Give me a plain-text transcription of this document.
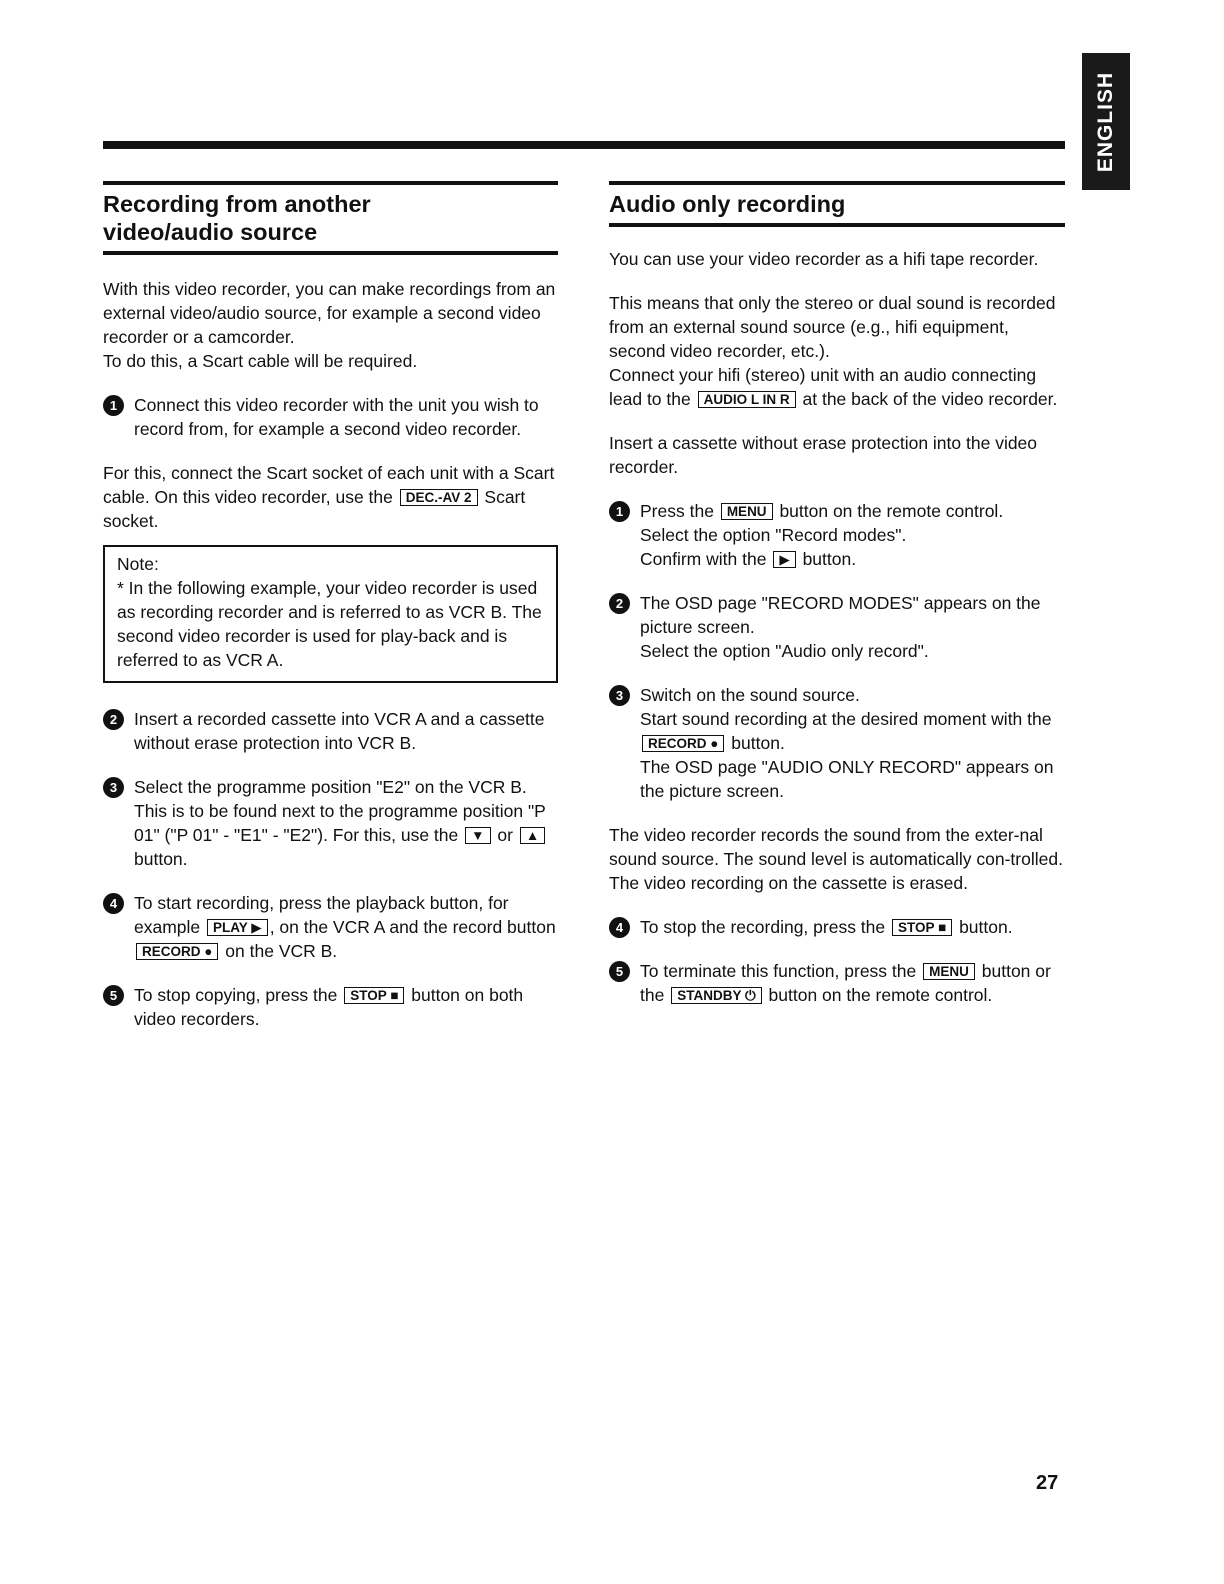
ENGLISH
Recording from another
video/audio source

With this video recorder, you can make recordings from an external video/audio source, for example a second video recorder or a camcorder.

To do this, a Scart cable will be required.

1 Connect this video recorder with the unit you wish to record from, for example a second video recorder.

For this, connect the Scart socket of each unit with a Scart cable. On this video recorder, use the DEC.-AV 2 Scart socket.

Note:

* In the following example, your video recorder is used as recording recorder and is referred to as VCR B. The second video recorder is used for play-back and is referred to as VCR A.

2 Insert a recorded cassette into VCR A and a cassette without erase protection into VCR B.

3 Select the programme position "E2" on the VCR B. This is to be found next to the programme position "P 01" ("P 01" - "E1" - "E2"). For this, use the ▼ or ▲ button.

4 To start recording, press the playback button, for example PLAY ▶ , on the VCR A and the record button RECORD ● on the VCR B.

5 To stop copying, press the STOP ■ button on both video recorders.

Audio only recording

You can use your video recorder as a hifi tape recorder.

This means that only the stereo or dual sound is recorded from an external sound source (e.g., hifi equipment, second video recorder, etc.).

Connect your hifi (stereo) unit with an audio connecting lead to the AUDIO L IN R at the back of the video recorder.

Insert a cassette without erase protection into the video recorder.

1 Press the MENU button on the remote control.

Select the option "Record modes".

Confirm with the ▶ button.

2 The OSD page "RECORD MODES" appears on the picture screen.

Select the option "Audio only record".

3 Switch on the sound source.

Start sound recording at the desired moment with the RECORD ● button.

The OSD page "AUDIO ONLY RECORD" appears on the picture screen.

The video recorder records the sound from the exter-nal sound source. The sound level is automatically con-trolled. The video recording on the cassette is erased.

4 To stop the recording, press the STOP ■ button.

5 To terminate this function, press the MENU button or the STANDBY ⏻ button on the remote control.

27
